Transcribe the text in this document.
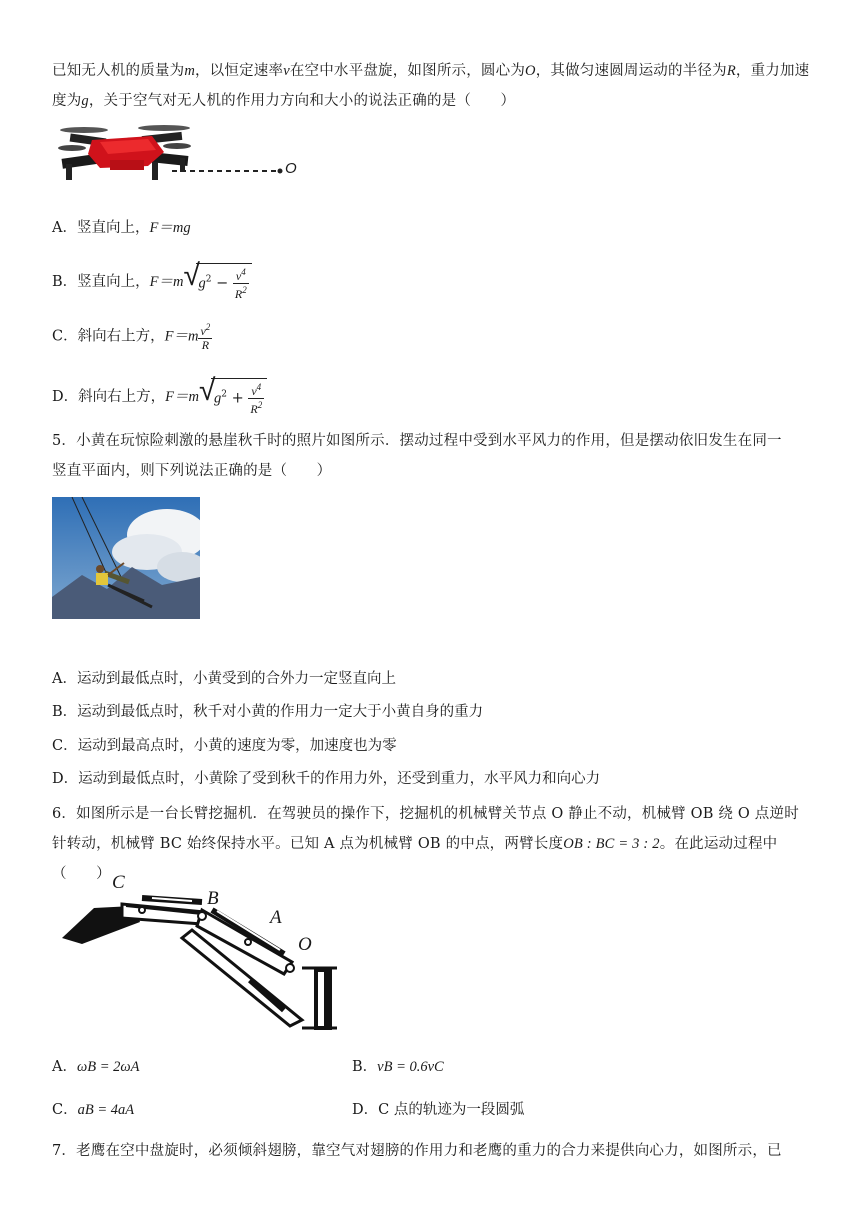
已知无人机的质量为m，以恒定速率v在空中水平盘旋，如图所示，圆心为O，其做匀速圆周运动的半径为R，重力加速度为g，关于空气对无人机的作用力方向和大小的说法正确的是（　　）
O
A．竖直向上，F＝mg
B．竖直向上，F＝m √
$g^2 - \frac{v^4}{R^2}$
C．斜向右上方，$F=m \frac{v^2}{R}$
D．斜向右上方，F＝m √
$g^2 + \frac{v^4}{R^2}$
5．小黄在玩惊险刺激的悬崖秋千时的照片如图所示．摆动过程中受到水平风力的作用，但是摆动依旧发生在同一
竖直平面内，则下列说法正确的是（　　）
A．运动到最低点时，小黄受到的合外力一定竖直向上
B．运动到最低点时，秋千对小黄的作用力一定大于小黄自身的重力
C．运动到最高点时，小黄的速度为零，加速度也为零
D．运动到最低点时，小黄除了受到秋千的作用力外，还受到重力，水平风力和向心力
6．如图所示是一台长臂挖掘机．在驾驶员的操作下，挖掘机的机械臂关节点 O 静止不动，机械臂 OB 绕 O 点逆时
针转动，机械臂 BC 始终保持水平。已知 A 点为机械臂 OB 的中点，两臂长度OB : BC = 3 : 2。在此运动过程中（　　） C
B
A
O
A．ωB = 2ωA	B．vB = 0.6vC
C．aB = 4aA	D．C 点的轨迹为一段圆弧
7．老鹰在空中盘旋时，必须倾斜翅膀，靠空气对翅膀的作用力和老鹰的重力的合力来提供向心力，如图所示，已
